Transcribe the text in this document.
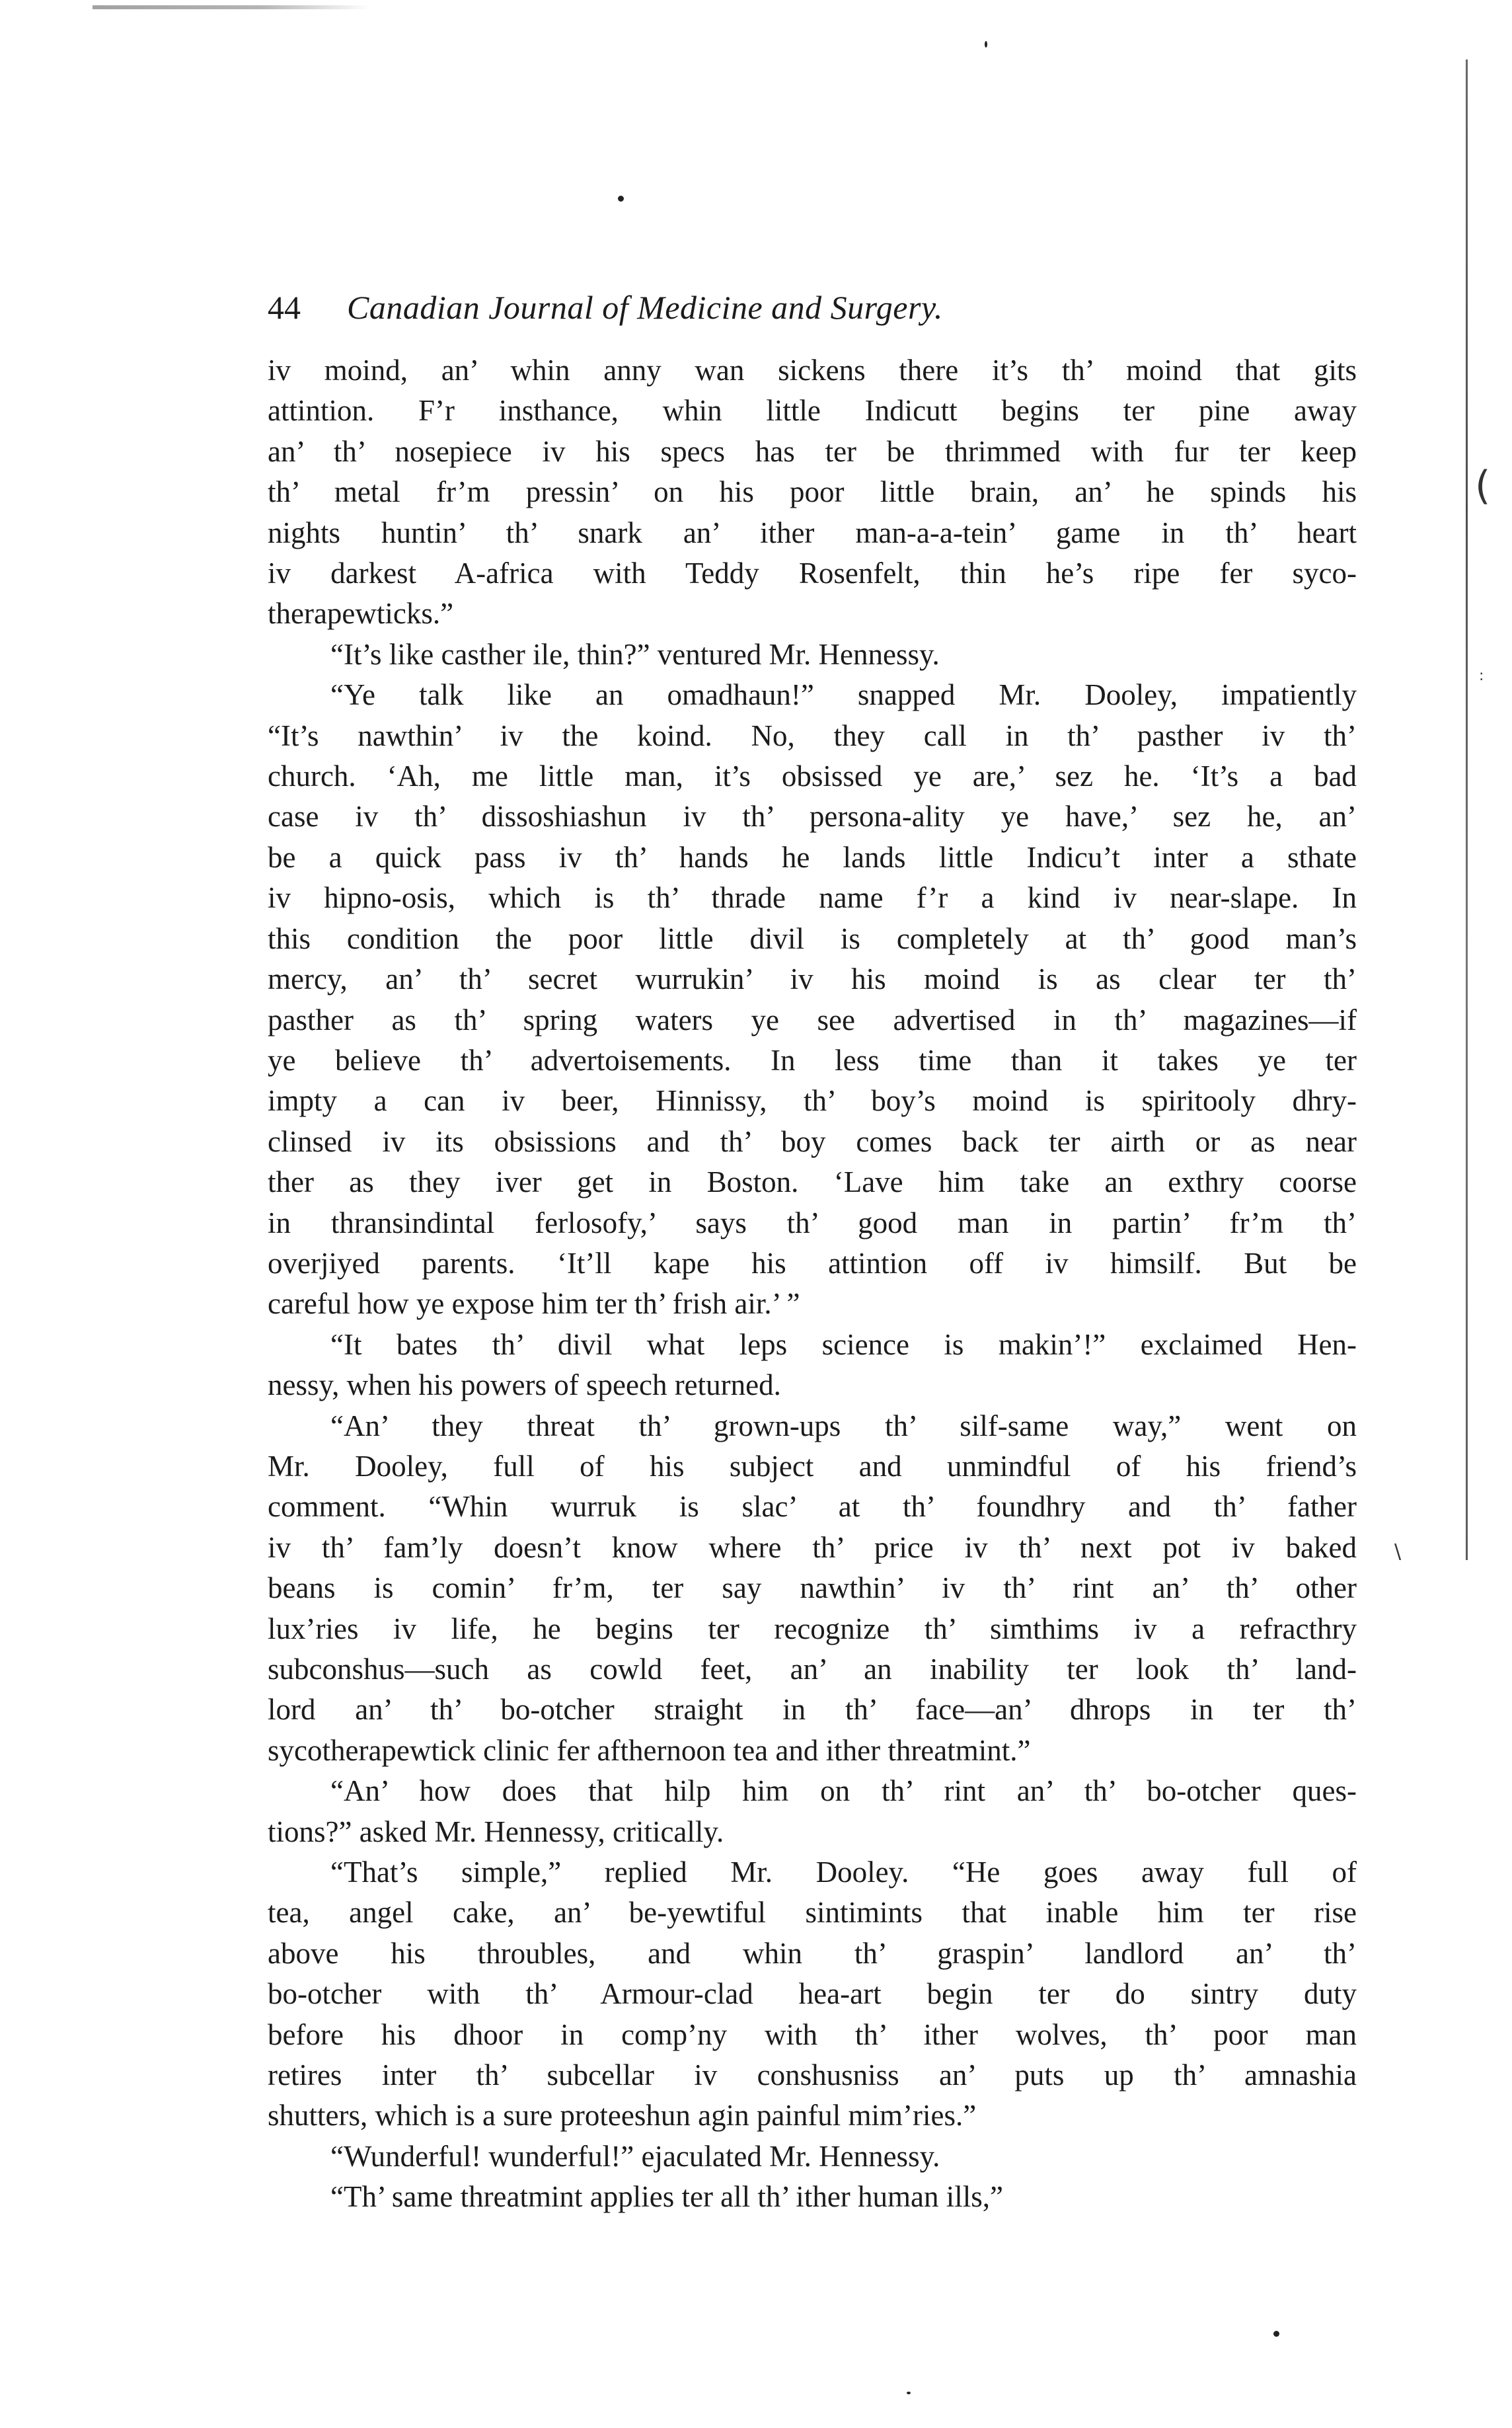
(
:
\
44 Canadian Journal of Medicine and Surgery.

iv moind, an’ whin anny wan sickens there it’s th’ moind that gits
attintion. F’r insthance, whin little Indicutt begins ter pine away
an’ th’ nosepiece iv his specs has ter be thrimmed with fur ter keep
th’ metal fr’m pressin’ on his poor little brain, an’ he spinds his
nights huntin’ th’ snark an’ ither man-a-a-tein’ game in th’ heart
iv darkest A-africa with Teddy Rosenfelt, thin he’s ripe fer syco-
therapewticks.”

“It’s like casther ile, thin?” ventured Mr. Hennessy.

“Ye talk like an omadhaun!” snapped Mr. Dooley, impatiently
“It’s nawthin’ iv the koind. No, they call in th’ pasther iv th’
church. ‘Ah, me little man, it’s obsissed ye are,’ sez he. ‘It’s a bad
case iv th’ dissoshiashun iv th’ persona-ality ye have,’ sez he, an’
be a quick pass iv th’ hands he lands little Indicu’t inter a sthate
iv hipno-osis, which is th’ thrade name f’r a kind iv near-slape. In
this condition the poor little divil is completely at th’ good man’s
mercy, an’ th’ secret wurrukin’ iv his moind is as clear ter th’
pasther as th’ spring waters ye see advertised in th’ magazines—if
ye believe th’ advertoisements. In less time than it takes ye ter
impty a can iv beer, Hinnissy, th’ boy’s moind is spiritooly dhry-
clinsed iv its obsissions and th’ boy comes back ter airth or as near
ther as they iver get in Boston. ‘Lave him take an exthry coorse
in thransindintal ferlosofy,’ says th’ good man in partin’ fr’m th’
overjiyed parents. ‘It’ll kape his attintion off iv himsilf. But be
careful how ye expose him ter th’ frish air.’ ”

“It bates th’ divil what leps science is makin’!” exclaimed Hen-
nessy, when his powers of speech returned.

“An’ they threat th’ grown-ups th’ silf-same way,” went on
Mr. Dooley, full of his subject and unmindful of his friend’s
comment. “Whin wurruk is slac’ at th’ foundhry and th’ father
iv th’ fam’ly doesn’t know where th’ price iv th’ next pot iv baked
beans is comin’ fr’m, ter say nawthin’ iv th’ rint an’ th’ other
lux’ries iv life, he begins ter recognize th’ simthims iv a refracthry
subconshus—such as cowld feet, an’ an inability ter look th’ land-
lord an’ th’ bo-otcher straight in th’ face—an’ dhrops in ter th’
sycotherapewtick clinic fer afthernoon tea and ither threatmint.”

“An’ how does that hilp him on th’ rint an’ th’ bo-otcher ques-
tions?” asked Mr. Hennessy, critically.

“That’s simple,” replied Mr. Dooley. “He goes away full of
tea, angel cake, an’ be-yewtiful sintimints that inable him ter rise
above his throubles, and whin th’ graspin’ landlord an’ th’
bo-otcher with th’ Armour-clad hea-art begin ter do sintry duty
before his dhoor in comp’ny with th’ ither wolves, th’ poor man
retires inter th’ subcellar iv conshusniss an’ puts up th’ amnashia
shutters, which is a sure proteeshun agin painful mim’ries.”

“Wunderful! wunderful!” ejaculated Mr. Hennessy.

“Th’ same threatmint applies ter all th’ ither human ills,”
